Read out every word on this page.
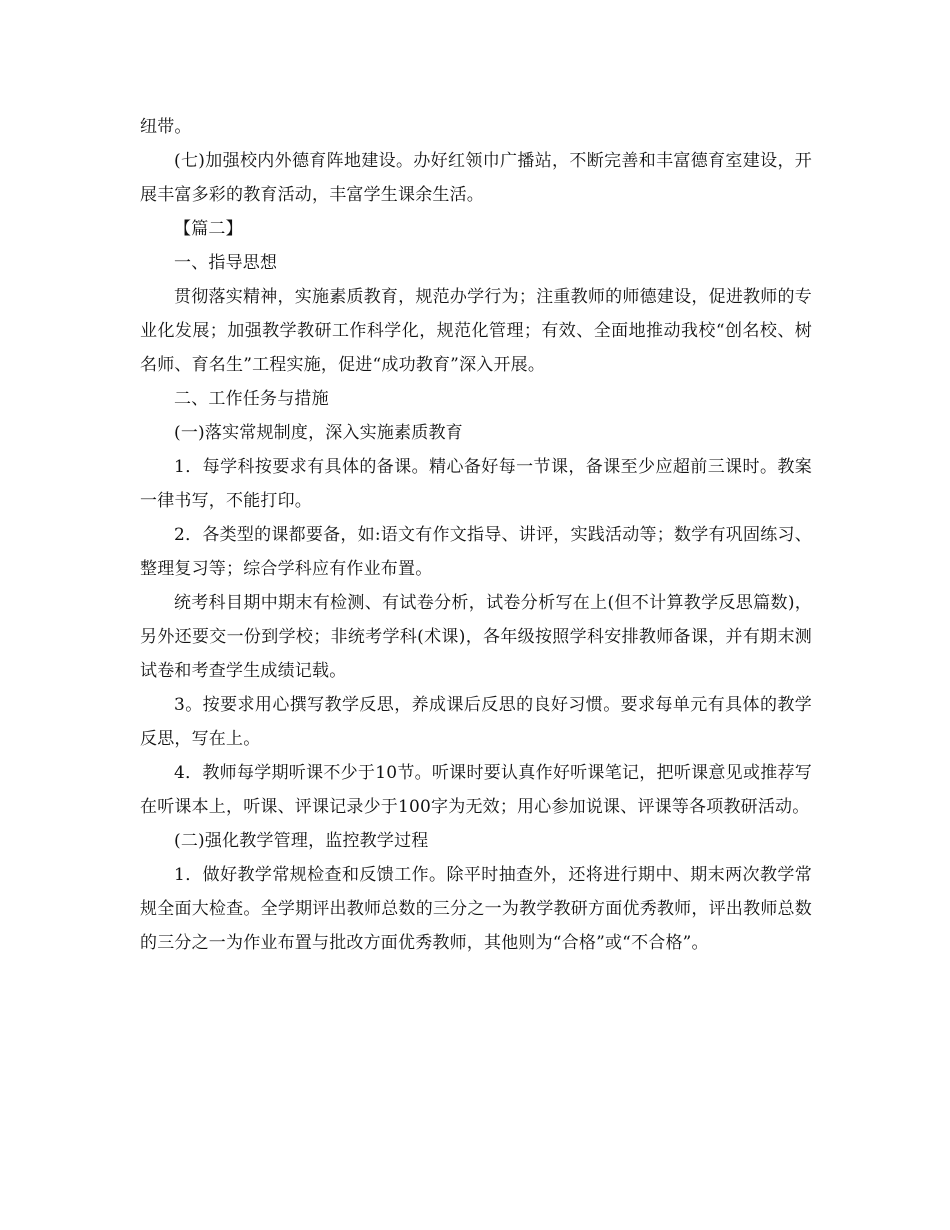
纽带。

(七)加强校内外德育阵地建设。办好红领巾广播站，不断完善和丰富德育室建设，开展丰富多彩的教育活动，丰富学生课余生活。

【篇二】

一、指导思想

贯彻落实精神，实施素质教育，规范办学行为；注重教师的师德建设，促进教师的专业化发展；加强教学教研工作科学化，规范化管理；有效、全面地推动我校“创名校、树名师、育名生”工程实施，促进“成功教育”深入开展。

二、工作任务与措施

(一)落实常规制度，深入实施素质教育

1．每学科按要求有具体的备课。精心备好每一节课，备课至少应超前三课时。教案一律书写，不能打印。

2．各类型的课都要备，如:语文有作文指导、讲评，实践活动等；数学有巩固练习、整理复习等；综合学科应有作业布置。

统考科目期中期末有检测、有试卷分析，试卷分析写在上(但不计算教学反思篇数)，另外还要交一份到学校；非统考学科(术课)，各年级按照学科安排教师备课，并有期末测试卷和考查学生成绩记载。

3。按要求用心撰写教学反思，养成课后反思的良好习惯。要求每单元有具体的教学反思，写在上。

4．教师每学期听课不少于10节。听课时要认真作好听课笔记，把听课意见或推荐写在听课本上，听课、评课记录少于100字为无效；用心参加说课、评课等各项教研活动。

(二)强化教学管理，监控教学过程

1．做好教学常规检查和反馈工作。除平时抽查外，还将进行期中、期末两次教学常规全面大检查。全学期评出教师总数的三分之一为教学教研方面优秀教师，评出教师总数的三分之一为作业布置与批改方面优秀教师，其他则为“合格”或“不合格”。
